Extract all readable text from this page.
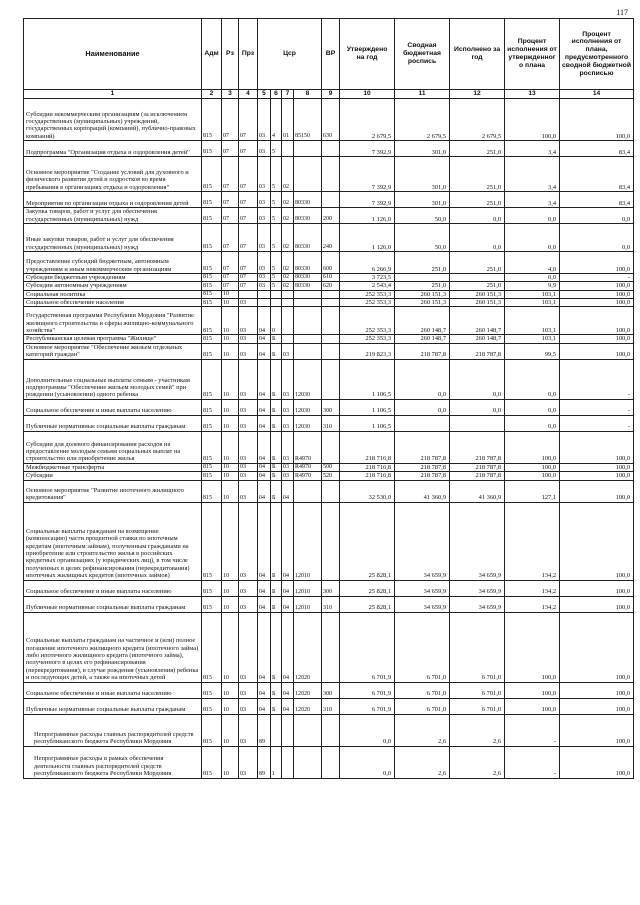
117
Наименование	Адм	Рз	Прз	Цср				ВР	Утверждено на год	Сводная бюджетная роспись	Исполнено за год	Процент исполнения от утвержденног о плана	Процент исполнения от плана, предусмотренного сводной бюджетной росписью
1	2	3	4	5	6	7	8	9	10	11	12	13	14
Субсидии некоммерческим организациям (за исключением государственных (муниципальных) учреждений, государственных корпораций (компаний), публично-правовых компаний)	815	07	07	03	4	01	85150	630	2 679,5	2 679,5	2 679,5	100,0	100,0
Подпрограмма "Организация отдыха и оздоровления детей"	815	07	07	03	5				7 392,9	301,0	251,0	3,4	83,4
Основное мероприятие "Создание условий для духовного и физического развития детей и подростков во время пребывания в организациях отдыха и оздоровления"	815	07	07	03	5	02			7 392,9	301,0	251,0	3,4	83,4
Мероприятия по организации отдыха и оздоровления детей	815	07	07	03	5	02	80330		7 392,9	301,0	251,0	3,4	83,4
Закупка товаров, работ и услуг для обеспечения государственных (муниципальных) нужд	815	07	07	03	5	02	80330	200	1 126,0	50,0	0,0	0,0	0,0
Иные закупки товаров, работ и услуг для обеспечения государственных (муниципальных) нужд	815	07	07	03	5	02	80330	240	1 126,0	50,0	0,0	0,0	0,0
Предоставление субсидий бюджетным, автономным учреждениям и иным некоммерческим организациям	815	07	07	03	5	02	80330	600	6 266,9	251,0	251,0	4,0	100,0
Субсидии бюджетным учреждениям	815	07	07	03	5	02	80330	610	3 723,5			0,0	-
Субсидии автономным учреждениям	815	07	07	03	5	02	80330	620	2 543,4	251,0	251,0	9,9	100,0
Социальная политика	815	10							252 353,3	260 151,3	260 151,3	103,1	100,0
Социальное обеспечение населения	815	10	03						252 353,3	260 151,3	260 151,3	103,1	100,0
Государственная программа Республики Мордовия "Развитие жилищного строительства и сферы жилищно-коммунального хозяйства"	815	10	03	04	0				252 353,3	260 148,7	260 148,7	103,1	100,0
Республиканская целевая программа "Жилище"	815	10	03	04	Б				252 353,3	260 148,7	260 148,7	103,1	100,0
Основное мероприятие "Обеспечение жильем отдельных категорий граждан"	815	10	03	04	Б	03			219 823,3	218 787,8	218 787,8	99,5	100,0
Дополнительные социальные выплаты семьям - участникам подпрограммы "Обеспечение жильем молодых семей" при рождении (усыновлении) одного ребенка	815	10	03	04	Б	03	12030		1 106,5	0,0	0,0	0,0	-
Социальное обеспечение и иные выплаты населению	815	10	03	04	Б	03	12030	300	1 106,5	0,0	0,0	0,0	-
Публичные нормативные социальные выплаты гражданам	815	10	03	04	Б	03	12030	310	1 106,5			0,0	-
Субсидии для долевого финансирования расходов на предоставление молодым семьям социальных выплат на строительство или приобретение жилья	815	10	03	04	Б	03	R4970		218 716,8	218 787,8	218 787,8	100,0	100,0
Межбюджетные трансферты	815	10	03	04	Б	03	R4970	500	218 716,8	218 787,8	218 787,8	100,0	100,0
Субсидии	815	10	03	04	Б	03	R4970	520	218 716,8	218 787,8	218 787,8	100,0	100,0
Основное мероприятие "Развитие ипотечного жилищного кредитования"	815	10	03	04	Б	04			32 530,0	41 360,9	41 360,9	127,1	100,0
Социальные выплаты гражданам на возмещение (компенсацию) части процентной ставки по ипотечным кредитам (ипотечным займам), полученным гражданами на приобретение или строительство жилья в российских кредитных организациях (у юридических лиц), в том числе полученных в целях рефинансирования (перекредитования) ипотечных жилищных кредитов (ипотечных займов)	815	10	03	04	Б	04	12010		25 828,1	34 659,9	34 659,9	134,2	100,0
Социальное обеспечение и иные выплаты населению	815	10	03	04	Б	04	12010	300	25 828,1	34 659,9	34 659,9	134,2	100,0
Публичные нормативные социальные выплаты гражданам	815	10	03	04	Б	04	12010	310	25 828,1	34 659,9	34 659,9	134,2	100,0
Социальные выплаты гражданам на частичное и (или) полное погашение ипотечного жилищного кредита (ипотечного займа) либо ипотечного жилищного кредита (ипотечного займа), полученного в целях его рефинансирования (перекредитования), в случае рождения (усыновления) ребенка и последующих детей, а также на ипотечных детей	815	10	03	04	Б	04	12020		6 701,9	6 701,0	6 701,0	100,0	100,0
Социальное обеспечение и иные выплаты населению	815	10	03	04	Б	04	12020	300	6 701,9	6 701,0	6 701,0	100,0	100,0
Публичные нормативные социальные выплаты гражданам	815	10	03	04	Б	04	12020	310	6 701,9	6 701,0	6 701,0	100,0	100,0
Непрограммные расходы главных распорядителей средств республиканского бюджета Республики Мордовия	815	10	03	89					0,0	2,6	2,6	-	100,0
Непрограммные расходы в рамках обеспечения деятельности главных распорядителей средств республиканского бюджета Республики Мордовия	815	10	03	89	1				0,0	2,6	2,6	-	100,0
